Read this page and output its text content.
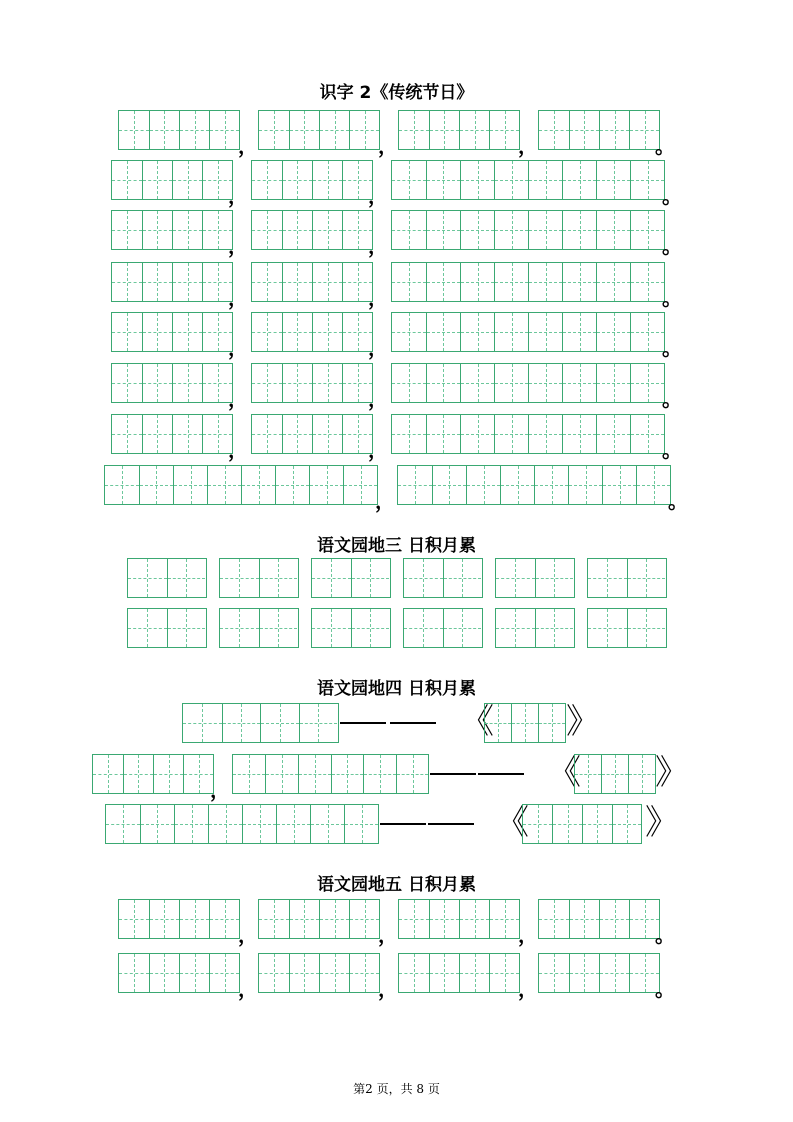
识字 2《传统节日》
语文园地三 日积月累
语文园地四 日积月累
语文园地五 日积月累
，	，	，	。
，	，	。
，	，	。
，	，	。
，	，	。
，	，	。
，	，	。
，	。
《 》
，	《 》
《	》
，	，	，	。
，	，	，	。
第2 页，共 8 页
